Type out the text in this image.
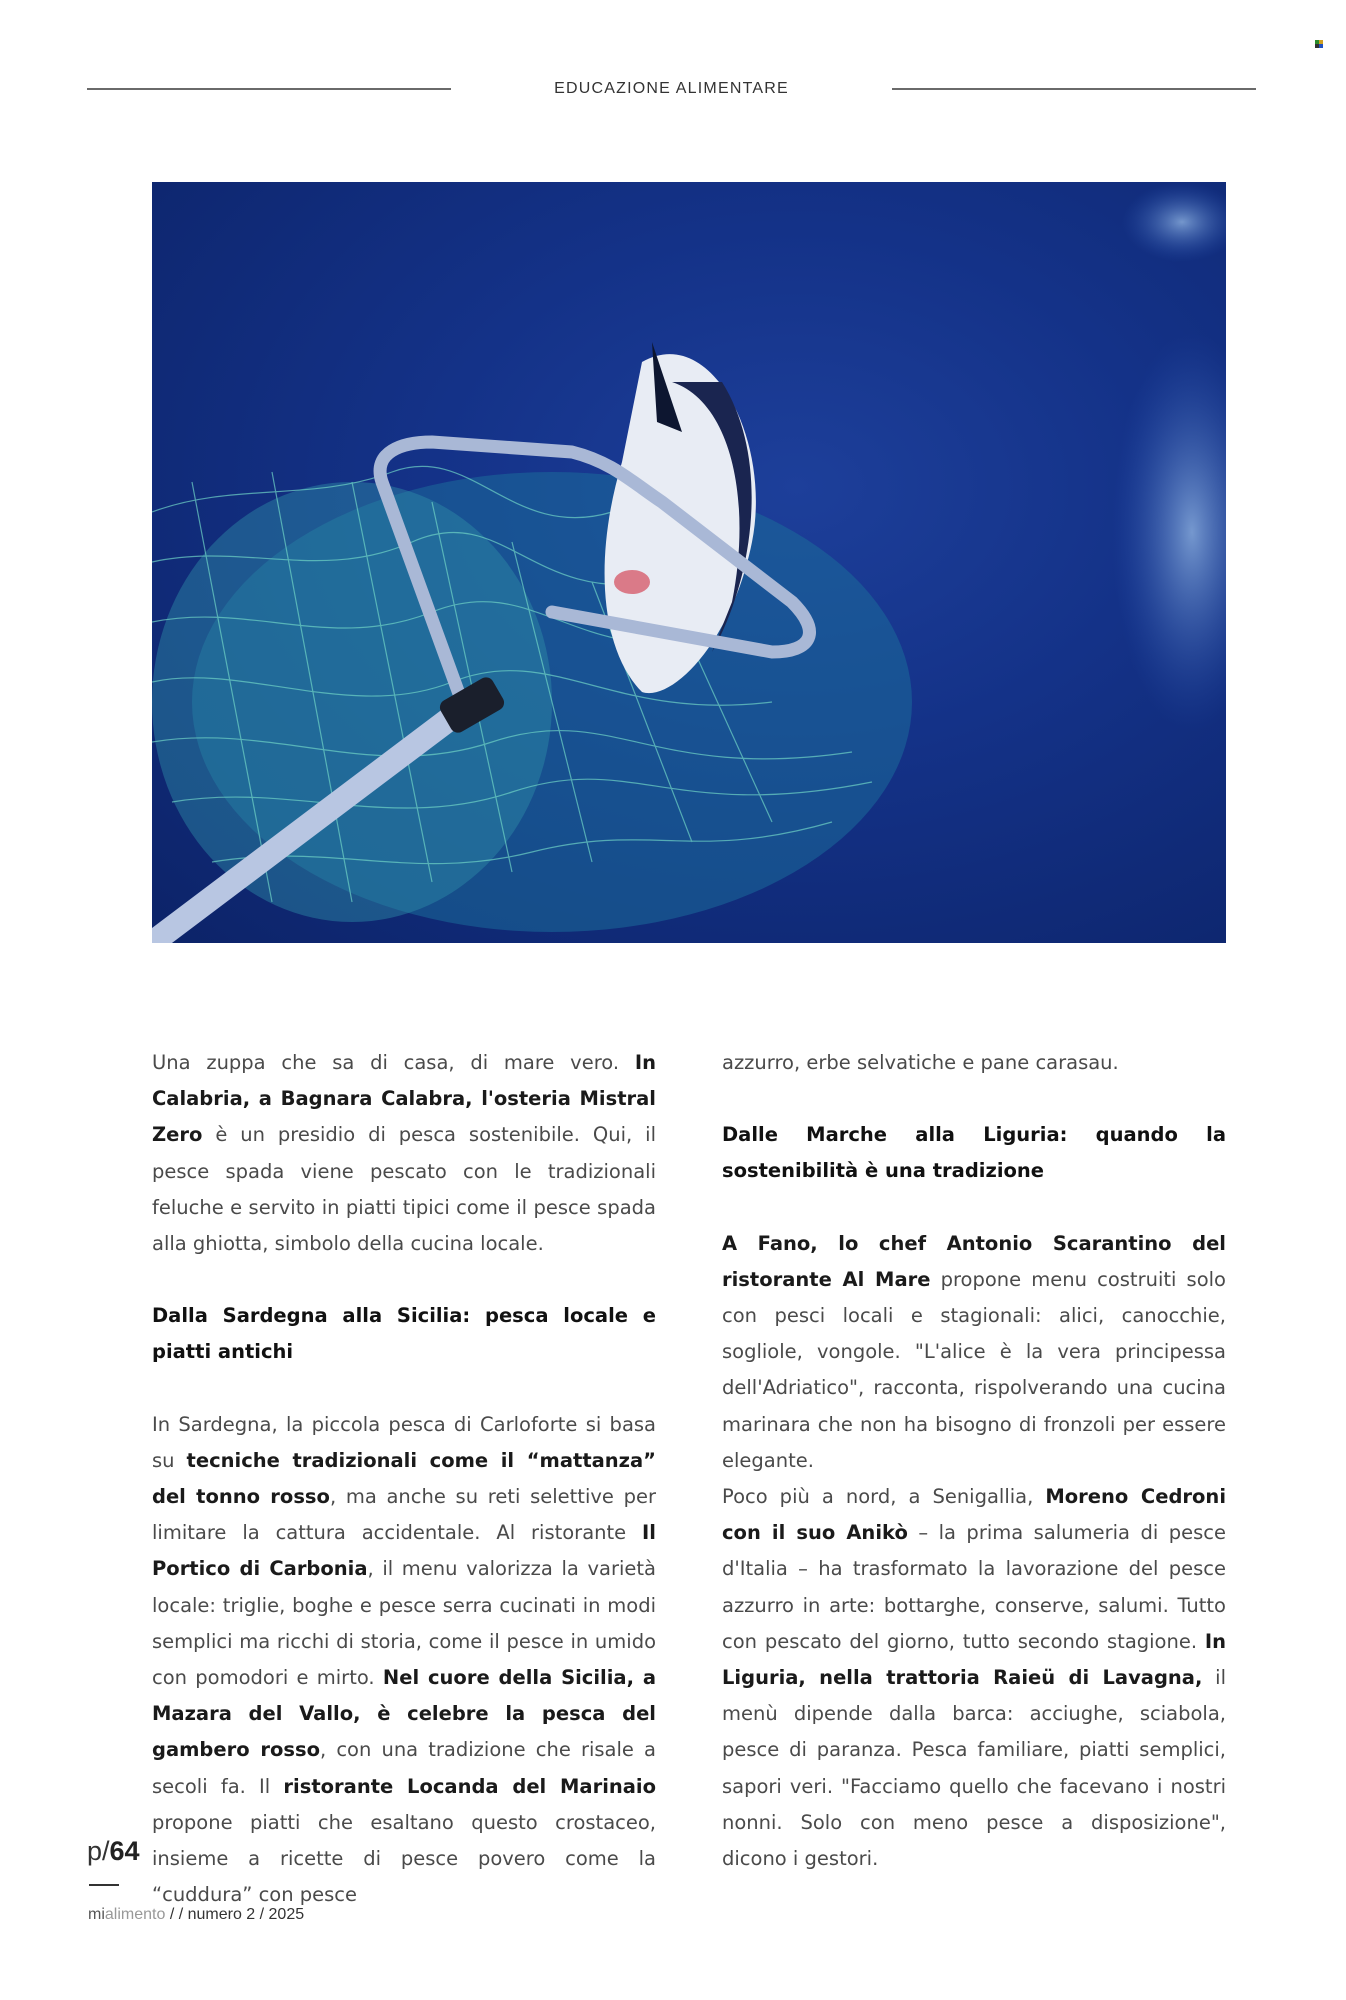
EDUCAZIONE ALIMENTARE

Una zuppa che sa di casa, di mare vero. In Calabria, a Bagnara Calabra, l'osteria Mistral Zero è un presidio di pesca sostenibile. Qui, il pesce spada viene pescato con le tradizionali feluche e servito in piatti tipici come il pesce spada alla ghiotta, simbolo della cucina locale.

Dalla Sardegna alla Sicilia: pesca locale e piatti antichi

In Sardegna, la piccola pesca di Carloforte si basa su tecniche tradizionali come il “mattanza” del tonno rosso, ma anche su reti selettive per limitare la cattura accidentale. Al ristorante Il Portico di Carbonia, il menu valorizza la varietà locale: triglie, boghe e pesce serra cucinati in modi semplici ma ricchi di storia, come il pesce in umido con pomodori e mirto. Nel cuore della Sicilia, a Mazara del Vallo, è celebre la pesca del gambero rosso, con una tradizione che risale a secoli fa. Il ristorante Locanda del Marinaio propone piatti che esaltano questo crostaceo, insieme a ricette di pesce povero come la “cuddura” con pesce

azzurro, erbe selvatiche e pane carasau.

Dalle Marche alla Liguria: quando la sostenibilità è una tradizione

A Fano, lo chef Antonio Scarantino del ristorante Al Mare propone menu costruiti solo con pesci locali e stagionali: alici, canocchie, sogliole, vongole. "L'alice è la vera principessa dell'Adriatico", racconta, rispolverando una cucina marinara che non ha bisogno di fronzoli per essere elegante.

Poco più a nord, a Senigallia, Moreno Cedroni con il suo Anikò – la prima salumeria di pesce d'Italia – ha trasformato la lavorazione del pesce azzurro in arte: bottarghe, conserve, salumi. Tutto con pescato del giorno, tutto secondo stagione. In Liguria, nella trattoria Raieü di Lavagna, il menù dipende dalla barca: acciughe, sciabola, pesce di paranza. Pesca familiare, piatti semplici, sapori veri. "Facciamo quello che facevano i nostri nonni. Solo con meno pesce a disposizione", dicono i gestori.

p/64
mialimento / / numero 2 / 2025
